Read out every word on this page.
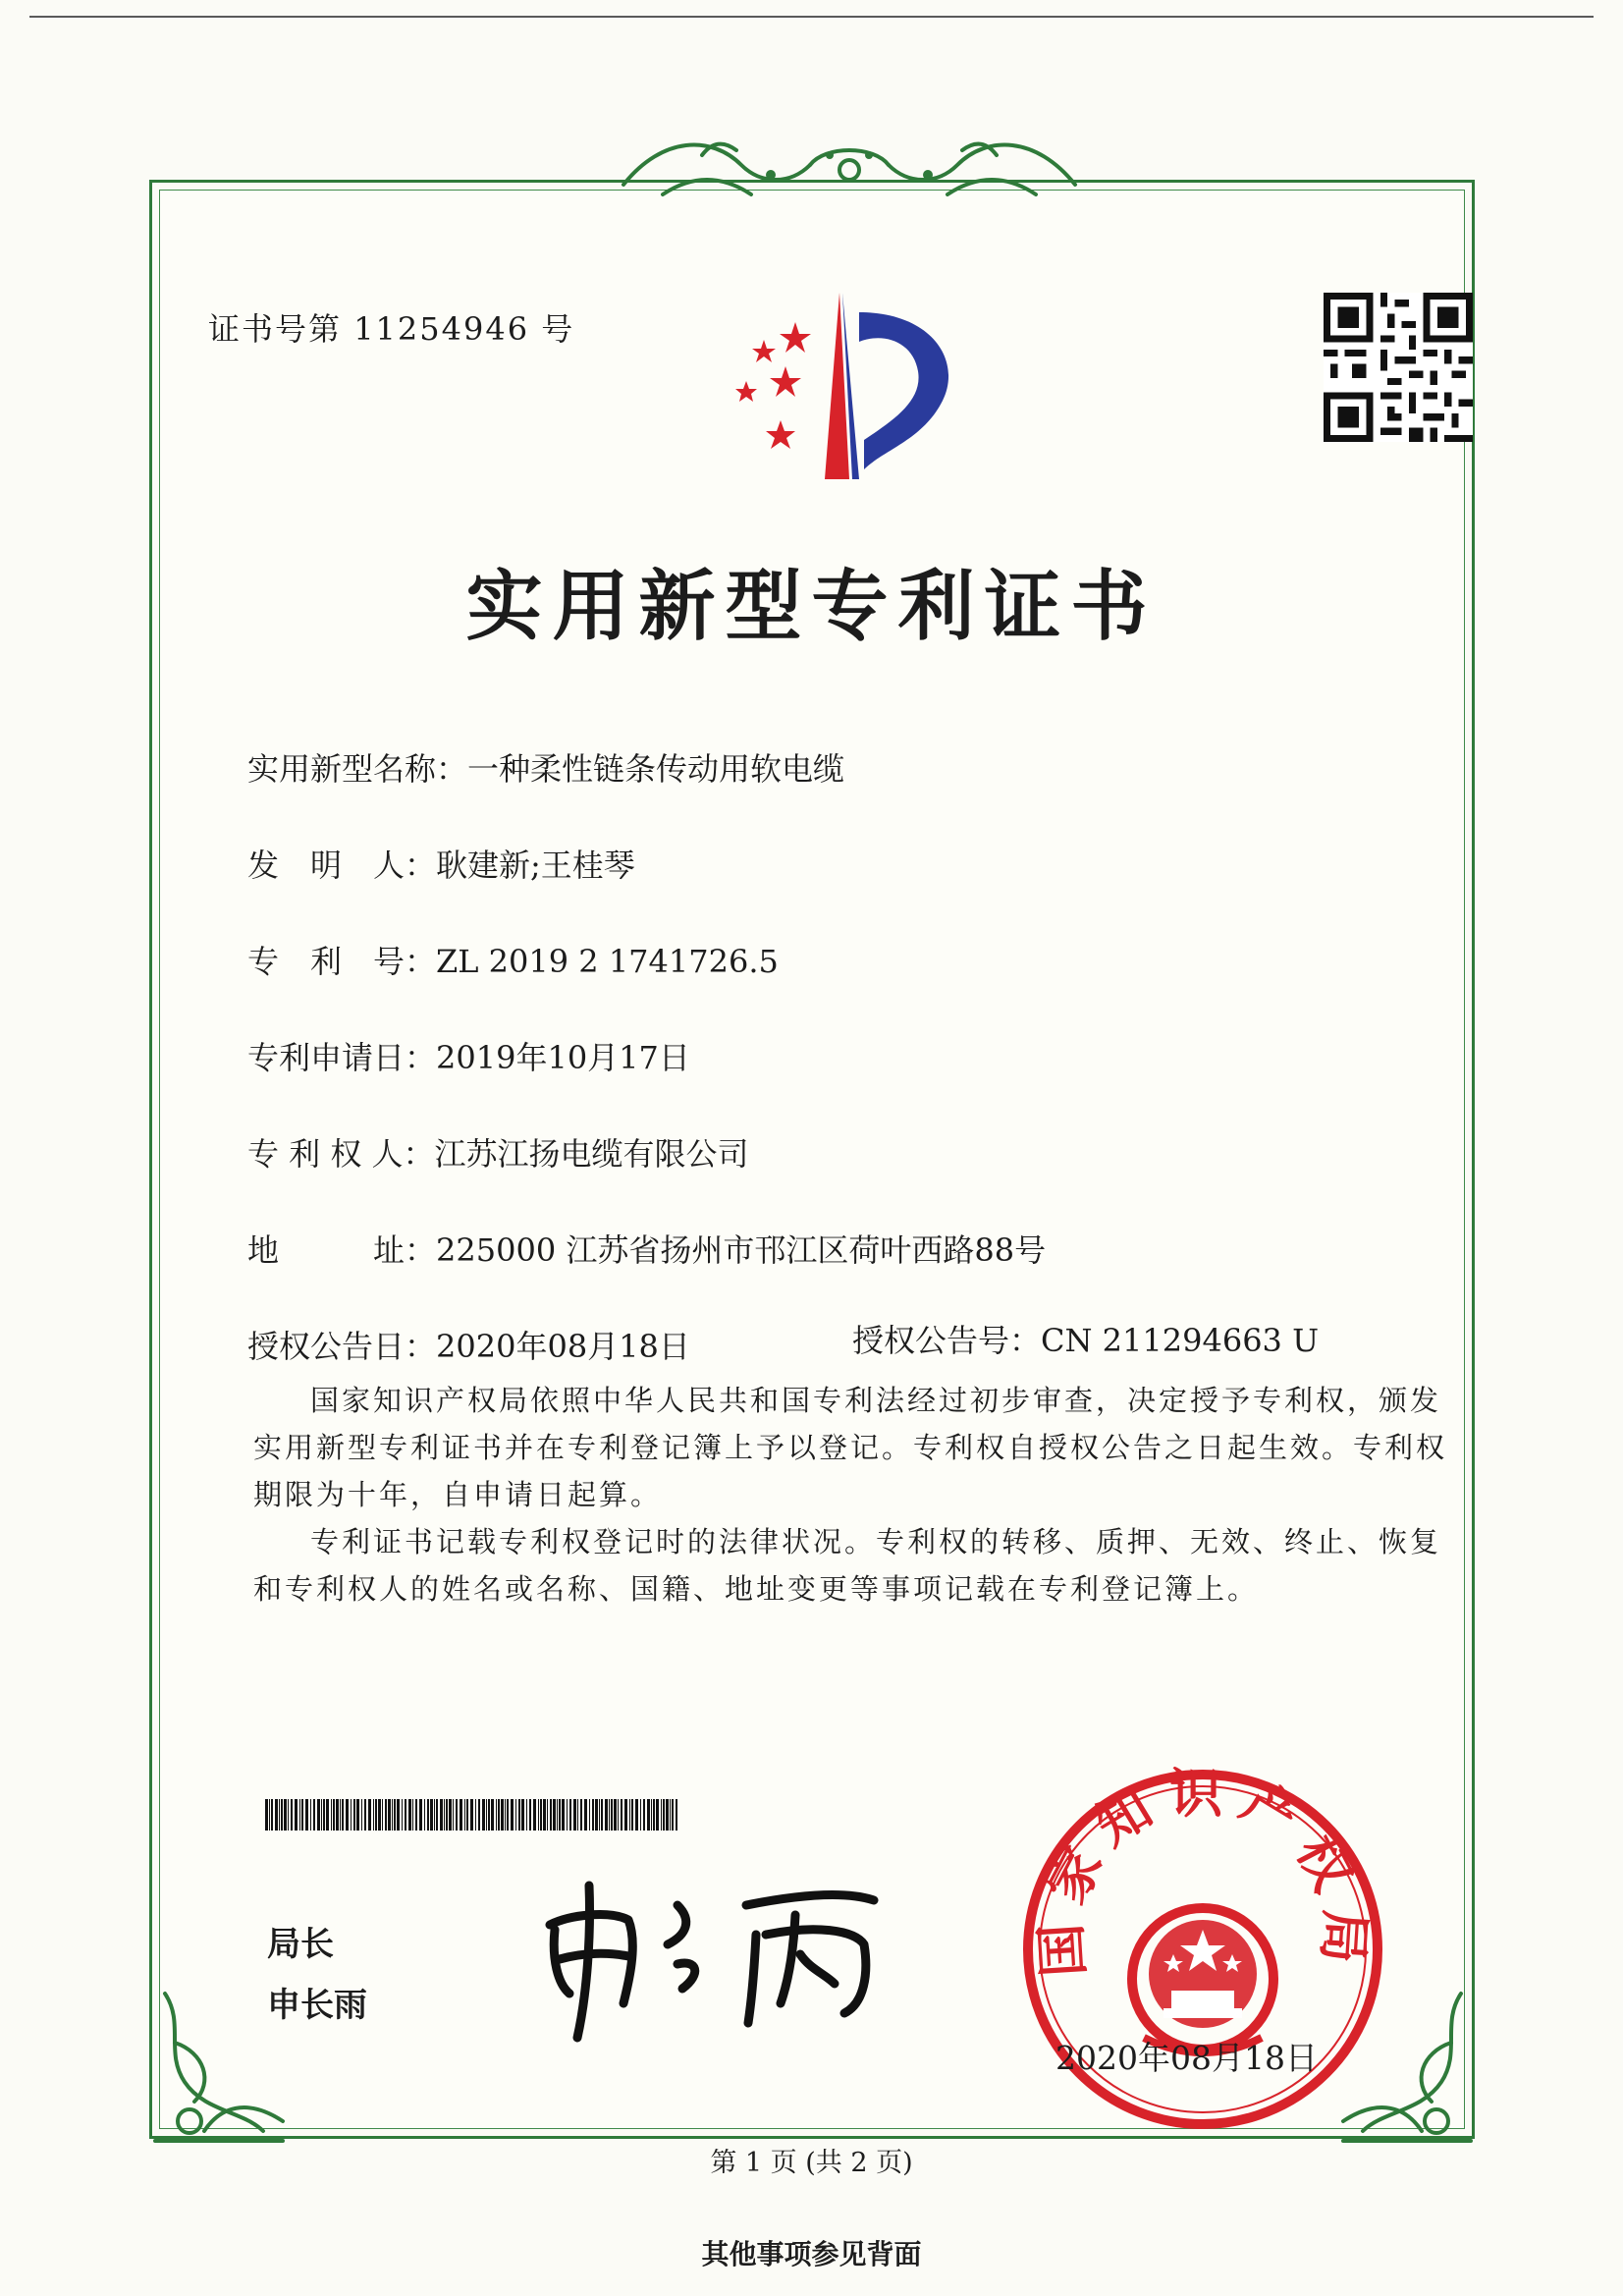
证书号第 11254946 号
实用新型专利证书
实用新型名称：一种柔性链条传动用软电缆
发　明　人：耿建新;王桂琴
专　利　号：ZL 2019 2 1741726.5
专利申请日：2019年10月17日
专 利 权 人：江苏江扬电缆有限公司
地　　　址：225000 江苏省扬州市邗江区荷叶西路88号
授权公告日：2020年08月18日	授权公告号：CN 211294663 U

国家知识产权局依照中华人民共和国专利法经过初步审查，决定授予专利权，颁发实用新型专利证书并在专利登记簿上予以登记。专利权自授权公告之日起生效。专利权期限为十年，自申请日起算。

专利证书记载专利权登记时的法律状况。专利权的转移、质押、无效、终止、恢复和专利权人的姓名或名称、国籍、地址变更等事项记载在专利登记簿上。

局长
申长雨
国家知识产权局
2020年08月18日
第 1 页 (共 2 页)
其他事项参见背面
